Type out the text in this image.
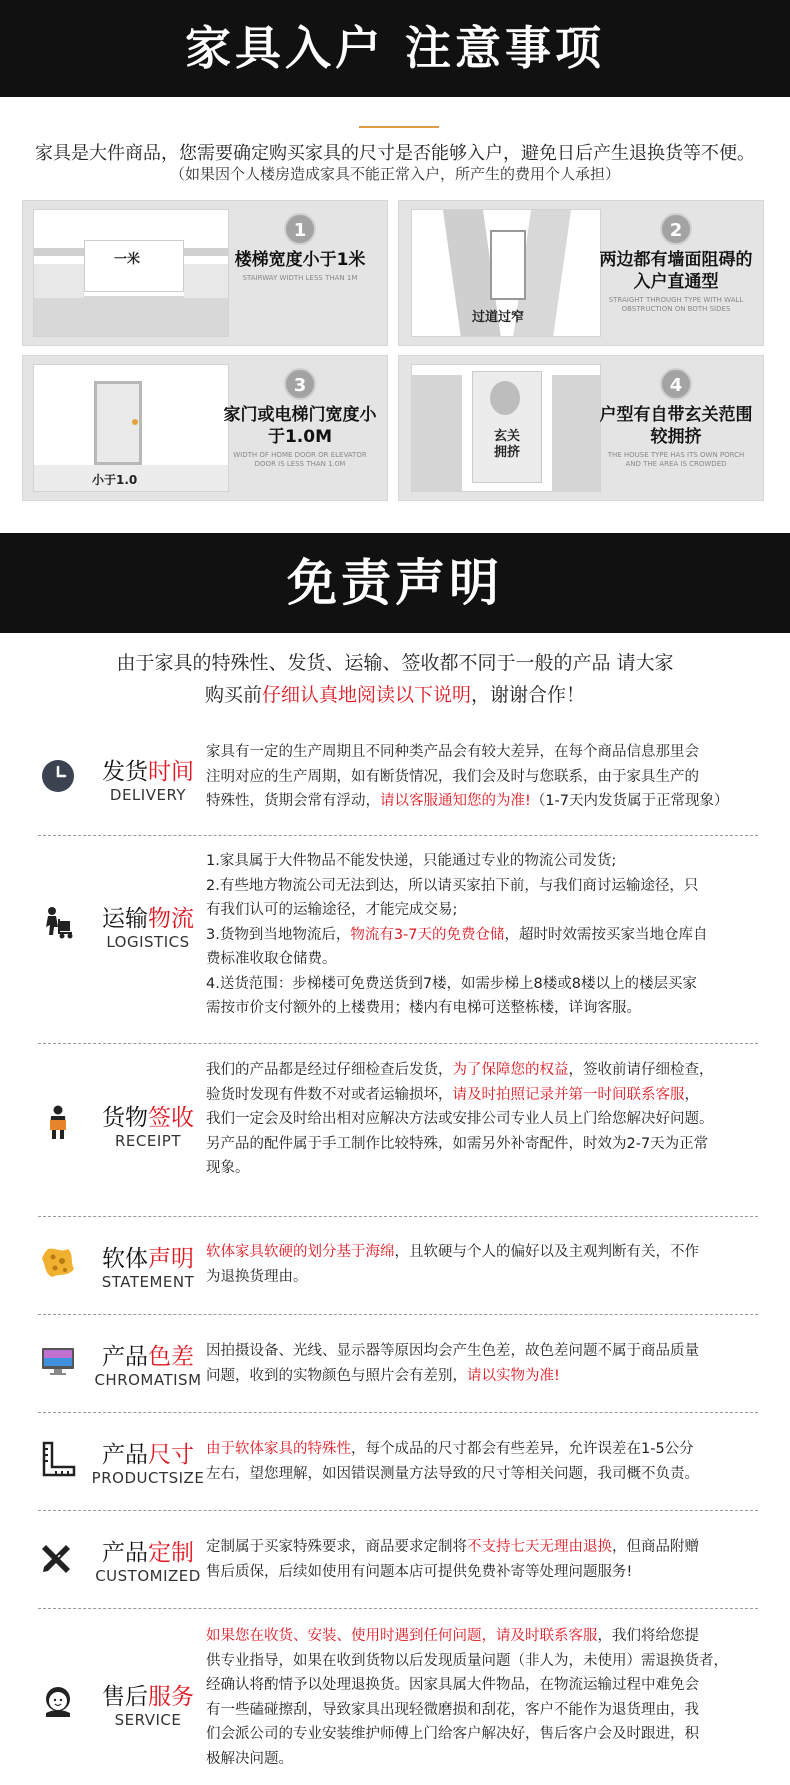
家具入户 注意事项
家具是大件商品，您需要确定购买家具的尺寸是否能够入户，避免日后产生退换货等不便。
（如果因个人楼房造成家具不能正常入户，所产生的费用个人承担）
一米
1
楼梯宽度小于1米
STAIRWAY WIDTH LESS THAN 1M
过道过窄
2
两边都有墙面阻碍的入户直通型
STRAIGHT THROUGH TYPE WITH WALL OBSTRUCTION ON BOTH SIDES
小于1.0
3
家门或电梯门宽度小于1.0M
WIDTH OF HOME DOOR OR ELEVATOR DOOR IS LESS THAN 1.0M
玄关拥挤
4
户型有自带玄关范围较拥挤
THE HOUSE TYPE HAS ITS OWN PORCH AND THE AREA IS CROWDED
免责声明
由于家具的特殊性、发货、运输、签收都不同于一般的产品 请大家
购买前仔细认真地阅读以下说明，谢谢合作！
发货时间
DELIVERY
家具有一定的生产周期且不同种类产品会有较大差异，在每个商品信息那里会
注明对应的生产周期，如有断货情况，我们会及时与您联系，由于家具生产的
特殊性，货期会常有浮动，请以客服通知您的为准!（1-7天内发货属于正常现象）
运输物流
LOGISTICS
1.家具属于大件物品不能发快递，只能通过专业的物流公司发货;
2.有些地方物流公司无法到达，所以请买家拍下前，与我们商讨运输途径，只
有我们认可的运输途径，才能完成交易;
3.货物到当地物流后，物流有3-7天的免费仓储，超时时效需按买家当地仓库自
费标准收取仓储费。
4.送货范围：步梯楼可免费送货到7楼，如需步梯上8楼或8楼以上的楼层买家
需按市价支付额外的上楼费用；楼内有电梯可送整栋楼，详询客服。
货物签收
RECEIPT
我们的产品都是经过仔细检查后发货，为了保障您的权益，签收前请仔细检查，
验货时发现有件数不对或者运输损坏，请及时拍照记录并第一时间联系客服，
我们一定会及时给出相对应解决方法或安排公司专业人员上门给您解决好问题。
另产品的配件属于手工制作比较特殊，如需另外补寄配件，时效为2-7天为正常
现象。
软体声明
STATEMENT
软体家具软硬的划分基于海绵，且软硬与个人的偏好以及主观判断有关，不作
为退换货理由。
产品色差
CHROMATISM
因拍摄设备、光线、显示器等原因均会产生色差，故色差问题不属于商品质量
问题，收到的实物颜色与照片会有差别，请以实物为准!
产品尺寸
PRODUCTSIZE
由于软体家具的特殊性，每个成品的尺寸都会有些差异，允许误差在1-5公分
左右，望您理解，如因错误测量方法导致的尺寸等相关问题，我司概不负责。
产品定制
CUSTOMIZED
定制属于买家特殊要求，商品要求定制将不支持七天无理由退换，但商品附赠
售后质保，后续如使用有问题本店可提供免费补寄等处理问题服务!
售后服务
SERVICE
如果您在收货、安装、使用时遇到任何问题，请及时联系客服，我们将给您提
供专业指导，如果在收到货物以后发现质量问题（非人为，未使用）需退换货者，
经确认将酌情予以处理退换货。因家具属大件物品，在物流运输过程中难免会
有一些磕碰擦刮，导致家具出现轻微磨损和刮花，客户不能作为退货理由，我
们会派公司的专业安装维护师傅上门给客户解决好，售后客户会及时跟进，积
极解决问题。
